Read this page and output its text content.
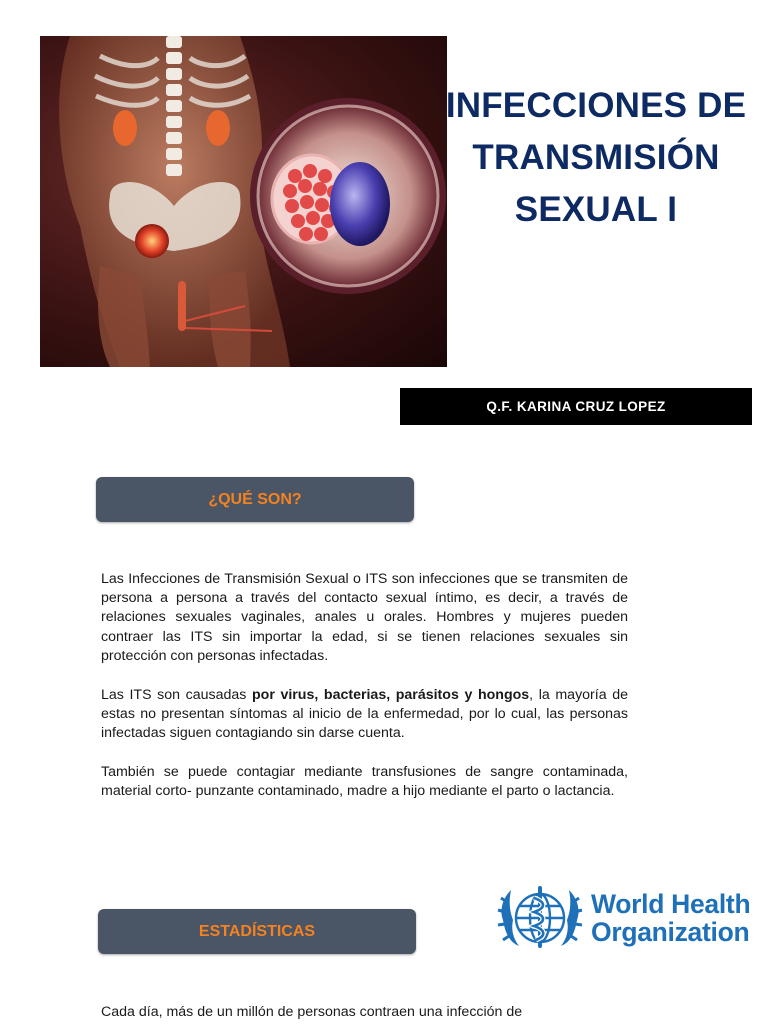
INFECCIONES DE
TRANSMISIÓN
SEXUAL I
Q.F. KARINA CRUZ LOPEZ
¿QUÉ SON?

Las Infecciones de Transmisión Sexual o ITS son infecciones que se transmiten de persona a persona a través del contacto sexual íntimo, es decir, a través de relaciones sexuales vaginales, anales u orales. Hombres y mujeres pueden contraer las ITS sin importar la edad, si se tienen relaciones sexuales sin protección con personas infectadas.

Las ITS son causadas por virus, bacterias, parásitos y hongos, la mayoría de estas no presentan síntomas al inicio de la enfermedad, por lo cual, las personas infectadas siguen contagiando sin darse cuenta.

También se puede contagiar mediante transfusiones de sangre contaminada, material corto- punzante contaminado, madre a hijo mediante el parto o lactancia.

ESTADÍSTICAS
World Health
Organization

Cada día, más de un millón de personas contraen una infección de
